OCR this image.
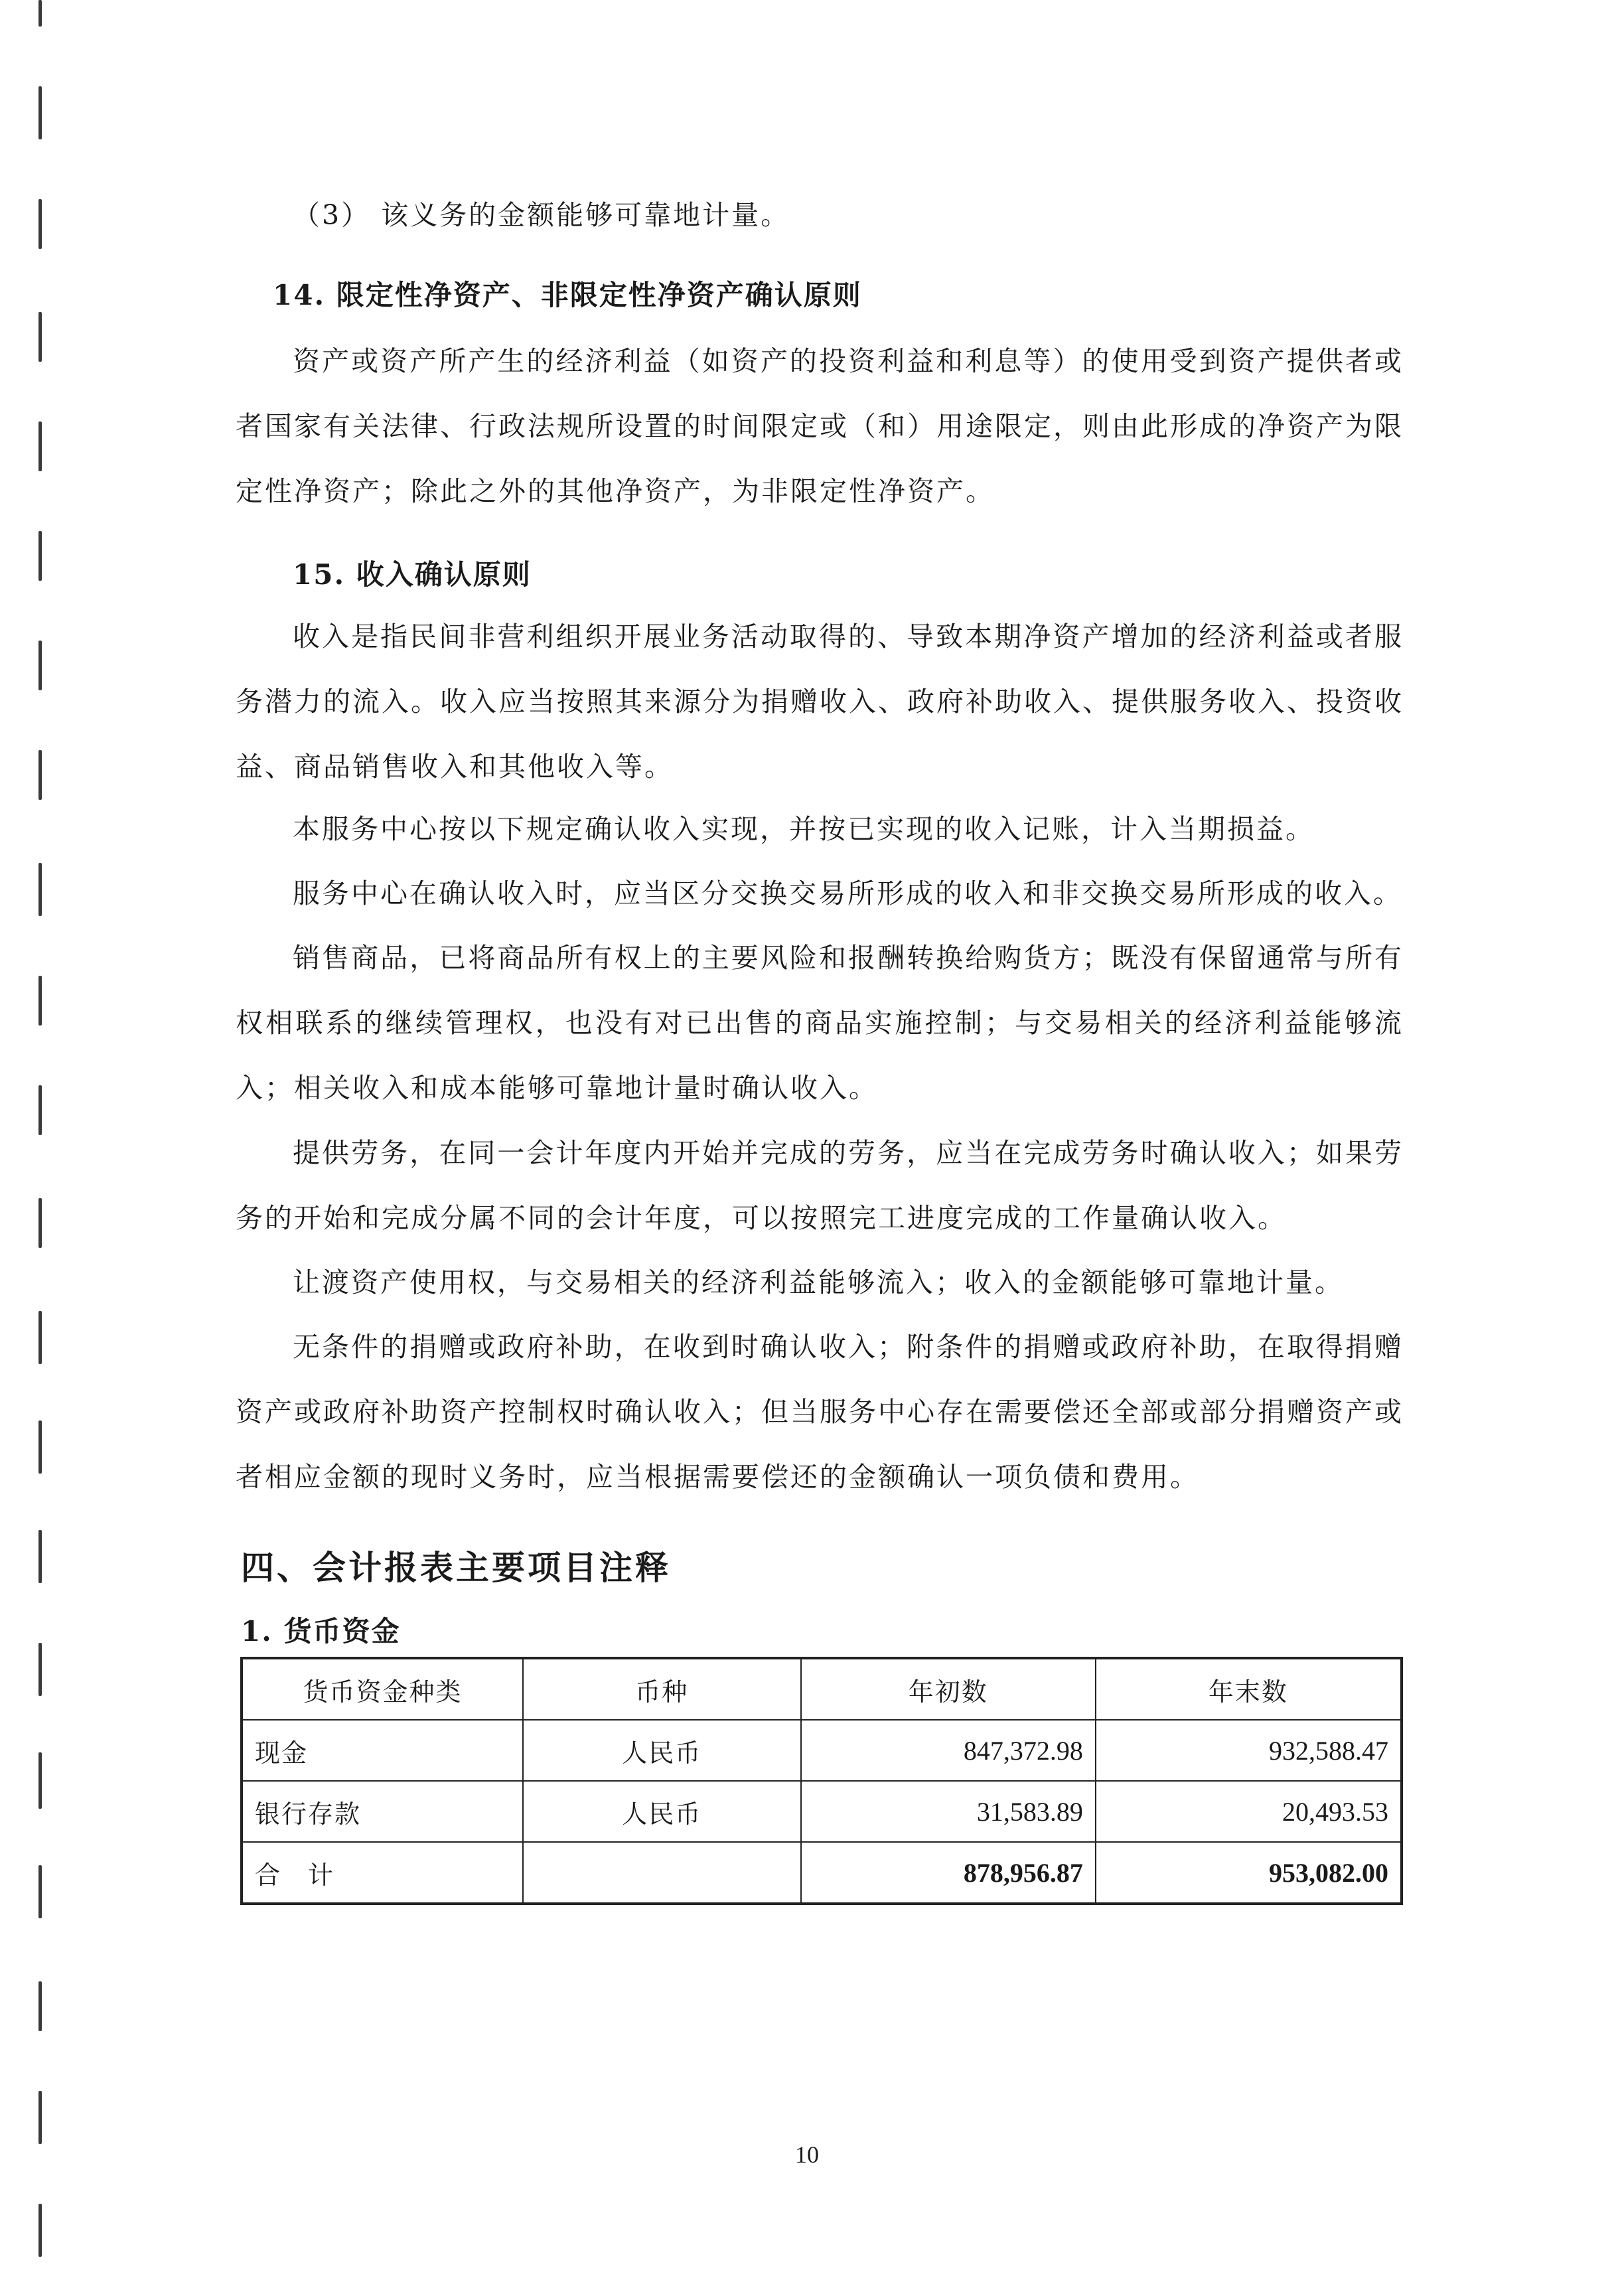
（3） 该义务的金额能够可靠地计量。

14. 限定性净资产、非限定性净资产确认原则

资产或资产所产生的经济利益（如资产的投资利益和利息等）的使用受到资产提供者或者国家有关法律、行政法规所设置的时间限定或（和）用途限定，则由此形成的净资产为限定性净资产；除此之外的其他净资产，为非限定性净资产。

15. 收入确认原则

收入是指民间非营利组织开展业务活动取得的、导致本期净资产增加的经济利益或者服务潜力的流入。收入应当按照其来源分为捐赠收入、政府补助收入、提供服务收入、投资收益、商品销售收入和其他收入等。

本服务中心按以下规定确认收入实现，并按已实现的收入记账，计入当期损益。

服务中心在确认收入时，应当区分交换交易所形成的收入和非交换交易所形成的收入。

销售商品，已将商品所有权上的主要风险和报酬转换给购货方；既没有保留通常与所有权相联系的继续管理权，也没有对已出售的商品实施控制；与交易相关的经济利益能够流入；相关收入和成本能够可靠地计量时确认收入。

提供劳务，在同一会计年度内开始并完成的劳务，应当在完成劳务时确认收入；如果劳务的开始和完成分属不同的会计年度，可以按照完工进度完成的工作量确认收入。

让渡资产使用权，与交易相关的经济利益能够流入；收入的金额能够可靠地计量。

无条件的捐赠或政府补助，在收到时确认收入；附条件的捐赠或政府补助，在取得捐赠资产或政府补助资产控制权时确认收入；但当服务中心存在需要偿还全部或部分捐赠资产或者相应金额的现时义务时，应当根据需要偿还的金额确认一项负债和费用。

四、会计报表主要项目注释
1. 货币资金
货币资金种类	币种	年初数	年末数
现金	人民币	847,372.98	932,588.47
银行存款	人民币	31,583.89	20,493.53
合　计		878,956.87	953,082.00
10
